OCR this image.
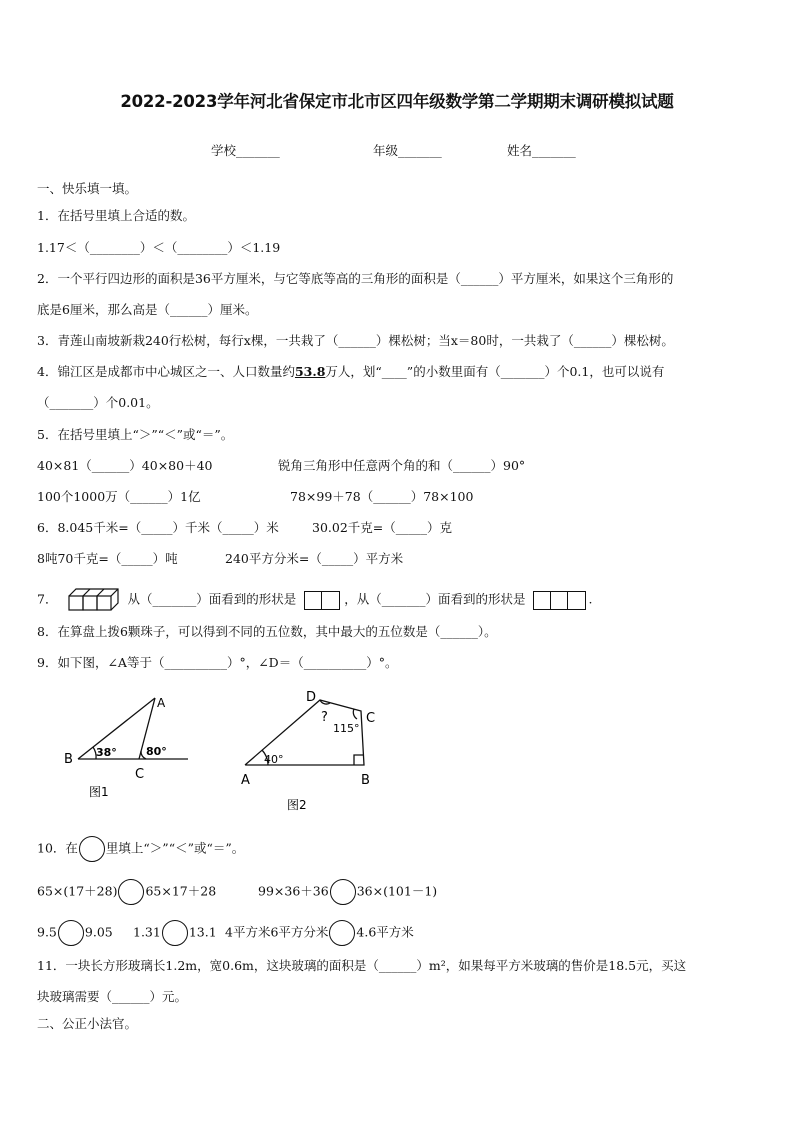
2022-2023学年河北省保定市北市区四年级数学第二学期期末调研模拟试题
学校_______	年级_______	姓名_______
一、快乐填一填。
1．在括号里填上合适的数。
1.17＜（________）＜（________）＜1.19
2．一个平行四边形的面积是36平方厘米，与它等底等高的三角形的面积是（______）平方厘米，如果这个三角形的
底是6厘米，那么高是（______）厘米。
3．青莲山南坡新栽240行松树，每行x棵，一共栽了（______）棵松树；当x＝80时，一共栽了（______）棵松树。
4．锦江区是成都市中心城区之一、人口数量约53.8万人，划“____”的小数里面有（_______）个0.1，也可以说有
（_______）个0.01。
5．在括号里填上“＞”“＜”或“＝”。
40×81（______）40×80＋40	锐角三角形中任意两个角的和（______）90°
100个1000万（______）1亿	78×99＋78（______）78×100
6．8.045千米=（_____）千米（_____）米	30.02千克=（_____）克
8吨70千克=（_____）吨	240平方分米=（_____）平方米
7．	从（_______）面看到的形状是	，从（_______）面看到的形状是	.
8．在算盘上拨6颗珠子，可以得到不同的五位数，其中最大的五位数是（______）。
9．如下图，∠A等于（__________）°，∠D＝（__________）°。
A
B
C
38°	80°
图1
D
C
A	B
?
115°
40°
图2
10．在 里填上“＞”“＜”或“＝”。
65×(17＋28) 65×17＋28	99×36＋36 36×(101－1)
9.5 9.05 1.31 13.1 4平方米6平方分米 4.6平方米
11．一块长方形玻璃长1.2m，宽0.6m，这块玻璃的面积是（______）m²，如果每平方米玻璃的售价是18.5元，买这
块玻璃需要（______）元。
二、公正小法官。
